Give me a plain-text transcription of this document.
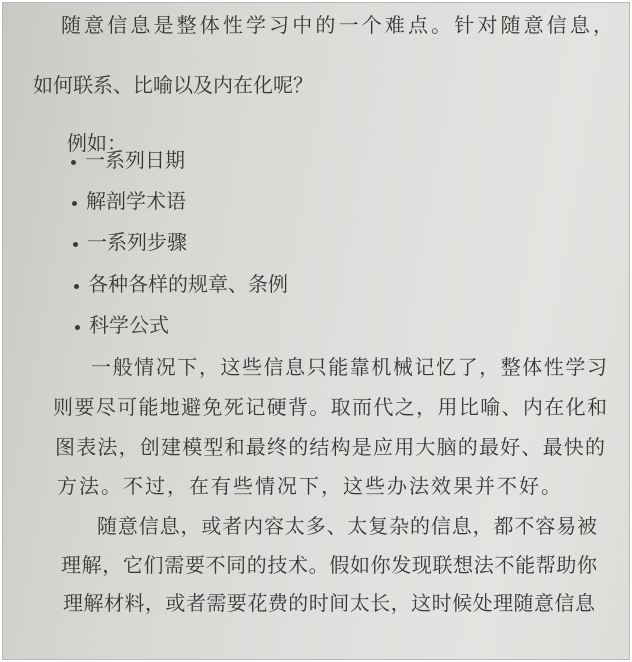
随意信息是整体性学习中的一个难点。针对随意信息，
如何联系、比喻以及内在化呢？
例如：
一系列日期
解剖学术语
一系列步骤
各种各样的规章、条例
科学公式
一般情况下，这些信息只能靠机械记忆了，整体性学习
则要尽可能地避免死记硬背。取而代之，用比喻、内在化和
图表法，创建模型和最终的结构是应用大脑的最好、最快的
方法。不过，在有些情况下，这些办法效果并不好。
随意信息，或者内容太多、太复杂的信息，都不容易被
理解，它们需要不同的技术。假如你发现联想法不能帮助你
理解材料，或者需要花费的时间太长，这时候处理随意信息
